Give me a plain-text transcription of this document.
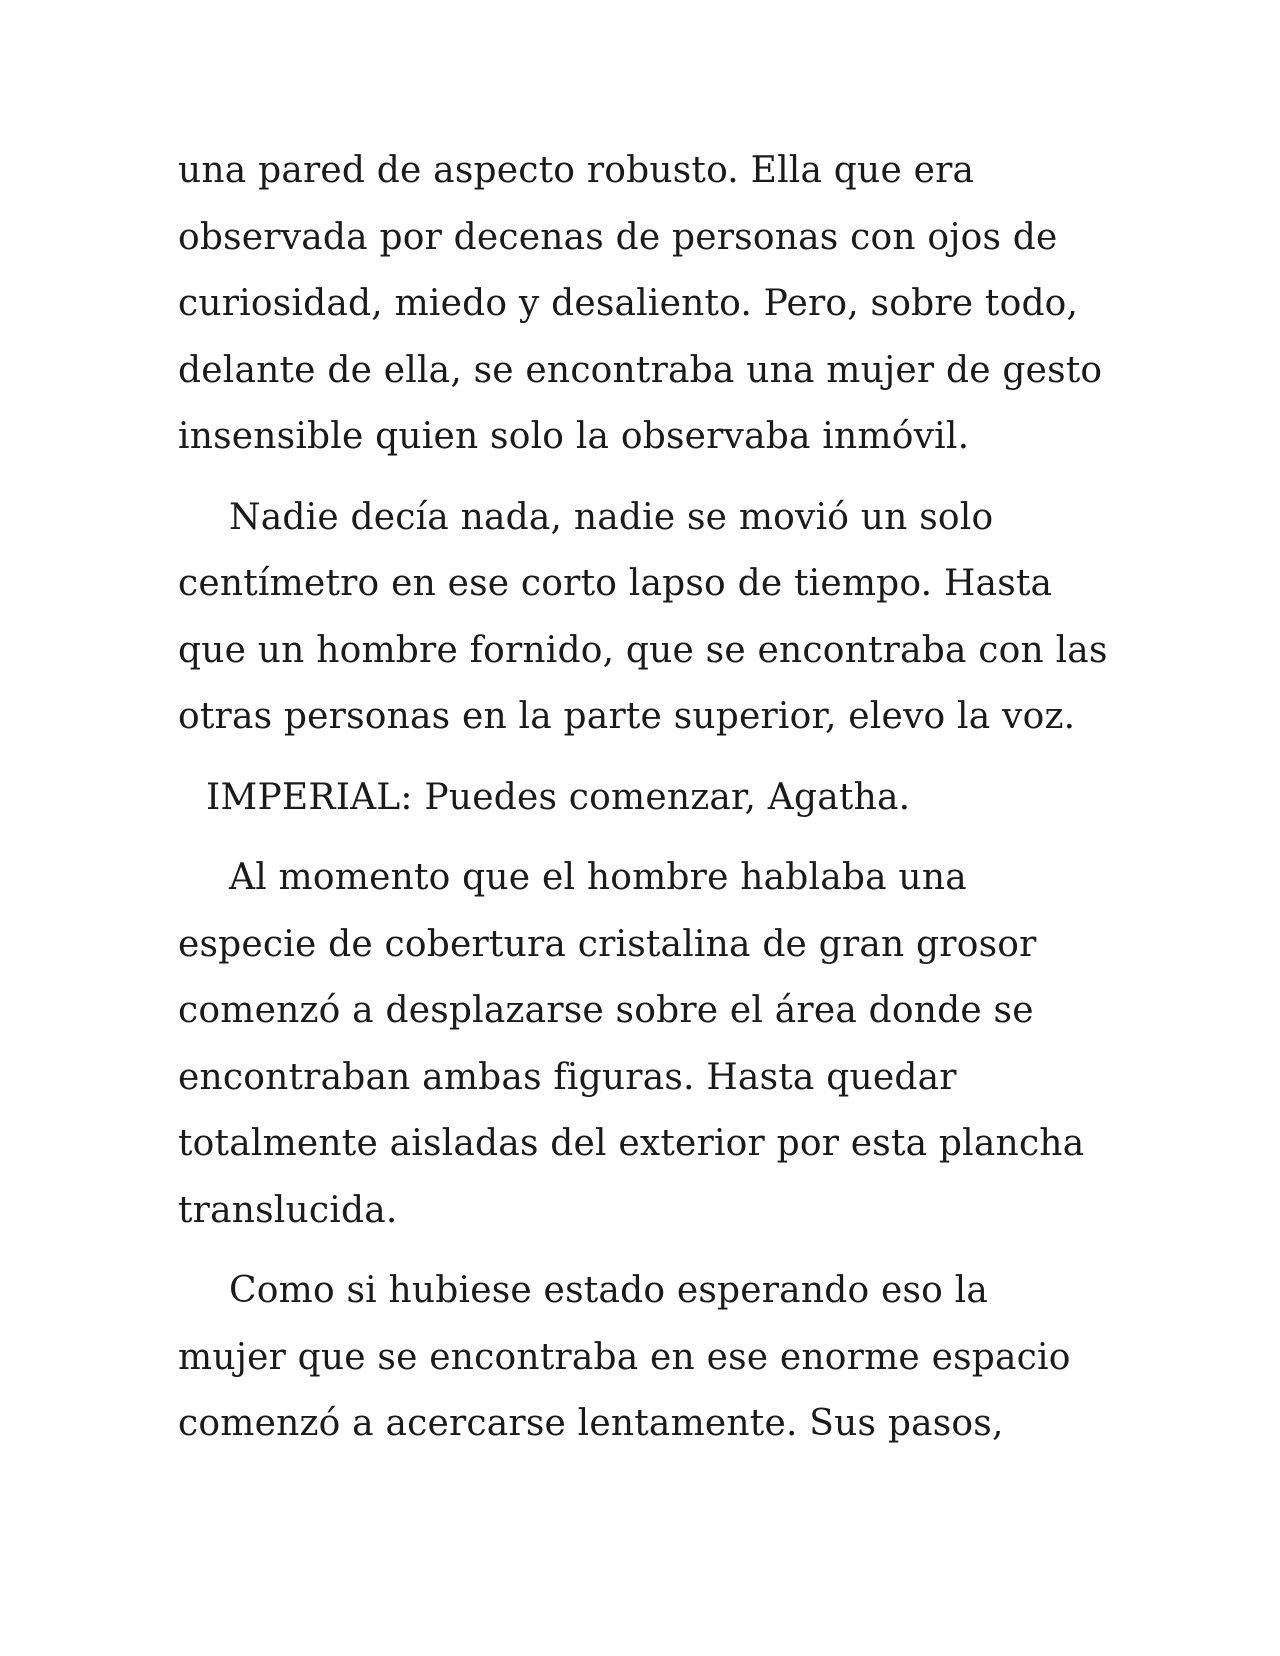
una pared de aspecto robusto. Ella que era
observada por decenas de personas con ojos de
curiosidad, miedo y desaliento. Pero, sobre todo,
delante de ella, se encontraba una mujer de gesto
insensible quien solo la observaba inmóvil.

Nadie decía nada, nadie se movió un solo
centímetro en ese corto lapso de tiempo. Hasta
que un hombre fornido, que se encontraba con las
otras personas en la parte superior, elevo la voz.

IMPERIAL: Puedes comenzar, Agatha.

Al momento que el hombre hablaba una
especie de cobertura cristalina de gran grosor
comenzó a desplazarse sobre el área donde se
encontraban ambas figuras. Hasta quedar
totalmente aisladas del exterior por esta plancha
translucida.

Como si hubiese estado esperando eso la
mujer que se encontraba en ese enorme espacio
comenzó a acercarse lentamente. Sus pasos,
